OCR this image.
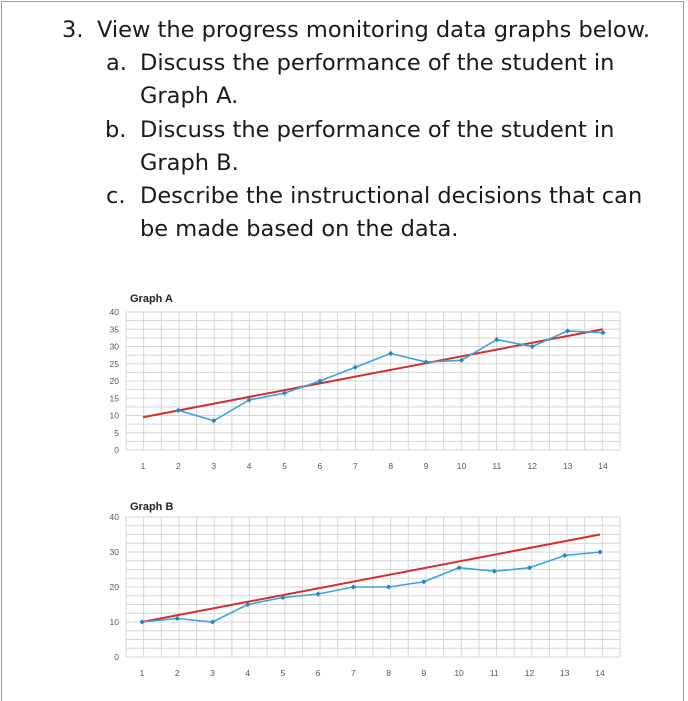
3. View the progress monitoring data graphs below.
a. Discuss the performance of the student in
Graph A.
b. Discuss the performance of the student in
Graph B.
c. Describe the instructional decisions that can
be made based on the data.
Graph A
0
5
10
15
20
25
30
35
40
1	2	3	4	5	6	7	8	9	10	11	12	13	14
Graph B
0
10
20
30
40
1	2	3	4	5	6	7	8	9	10	11	12	13	14
